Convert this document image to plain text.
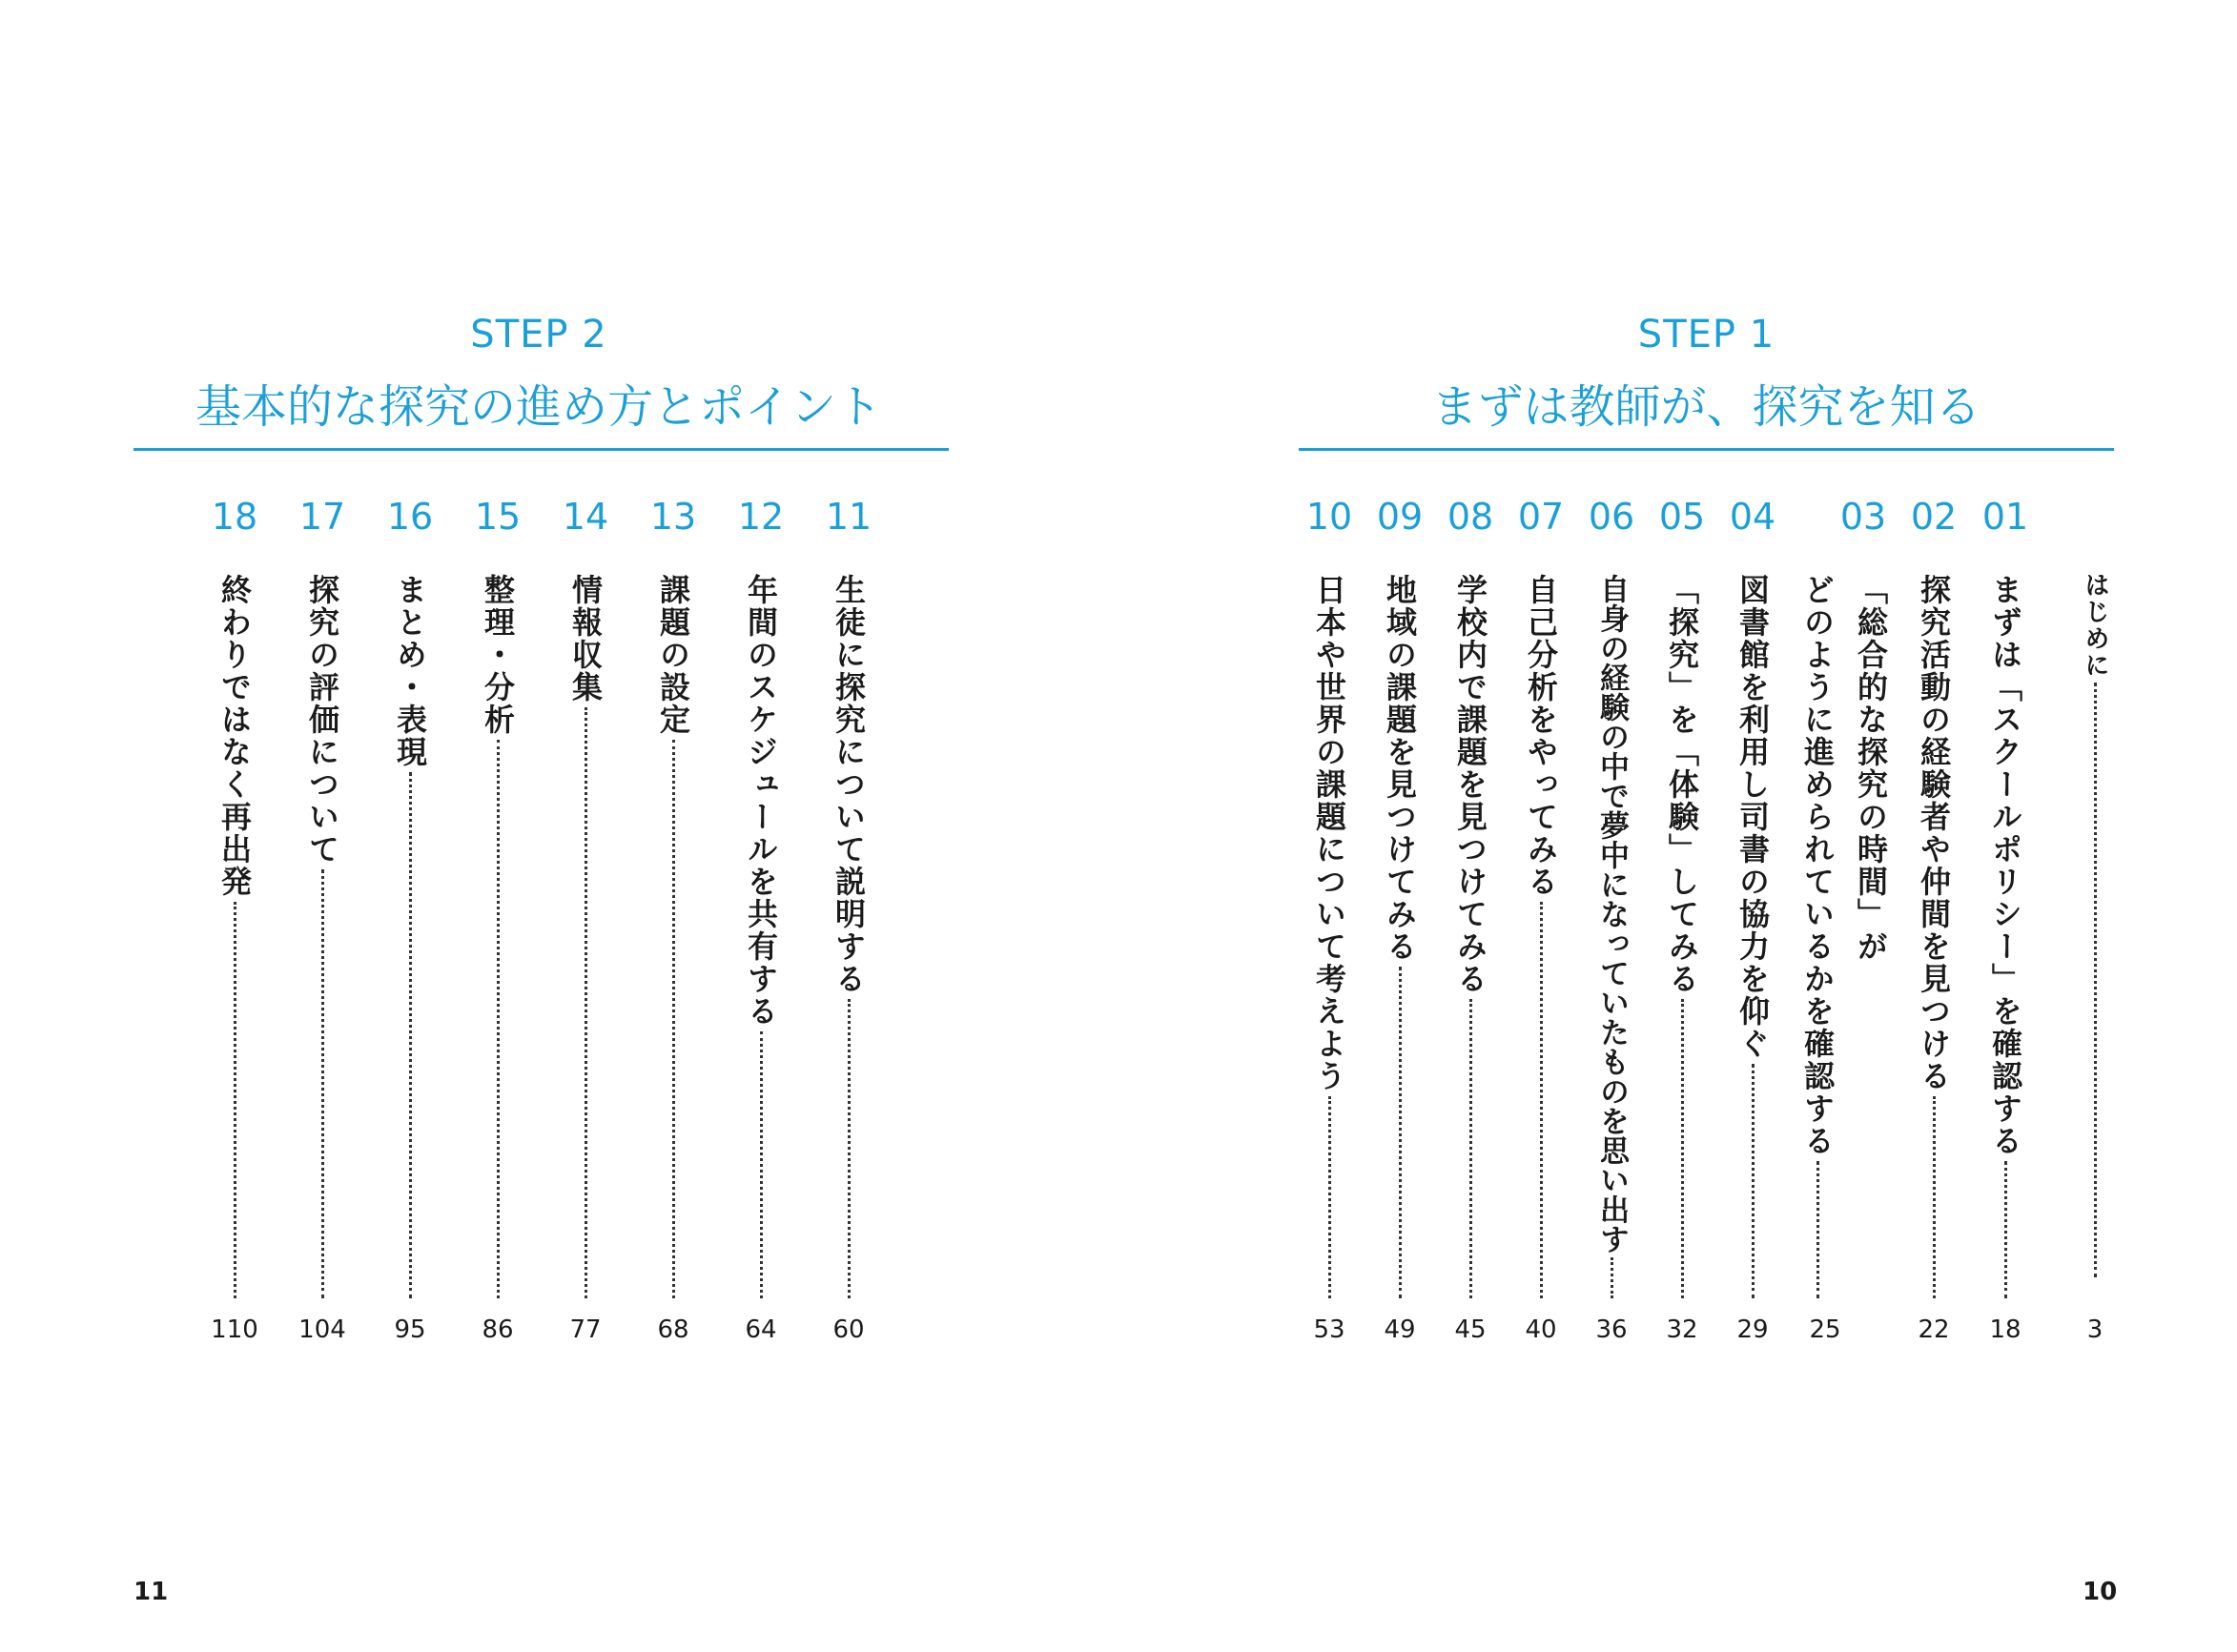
STEP 2
基本的な探究の進め方とポイント
11
生徒に探究について説明する
60
12
年間のスケジュールを共有する
64
13
課題の設定
68
14
情報収集
77
15
整理・分析
86
16
まとめ・表現
95
17
探究の評価について
104
18
終わりではなく再出発
110
11
STEP 1
まずは教師が、探究を知る
はじめに
3
01
まずは「スクールポリシー」を確認する
18
02
探究活動の経験者や仲間を見つける
22
03
どのように進められているかを確認する 「総合的な探究の時間」が
25
04
図書館を利用し司書の協力を仰ぐ
29
05
「探究」を「体験」してみる
32
06
自身の経験の中で夢中になっていたものを思い出す
36
07
自己分析をやってみる
40
08
学校内で課題を見つけてみる
45
09
地域の課題を見つけてみる
49
10
日本や世界の課題について考えよう
53
10
